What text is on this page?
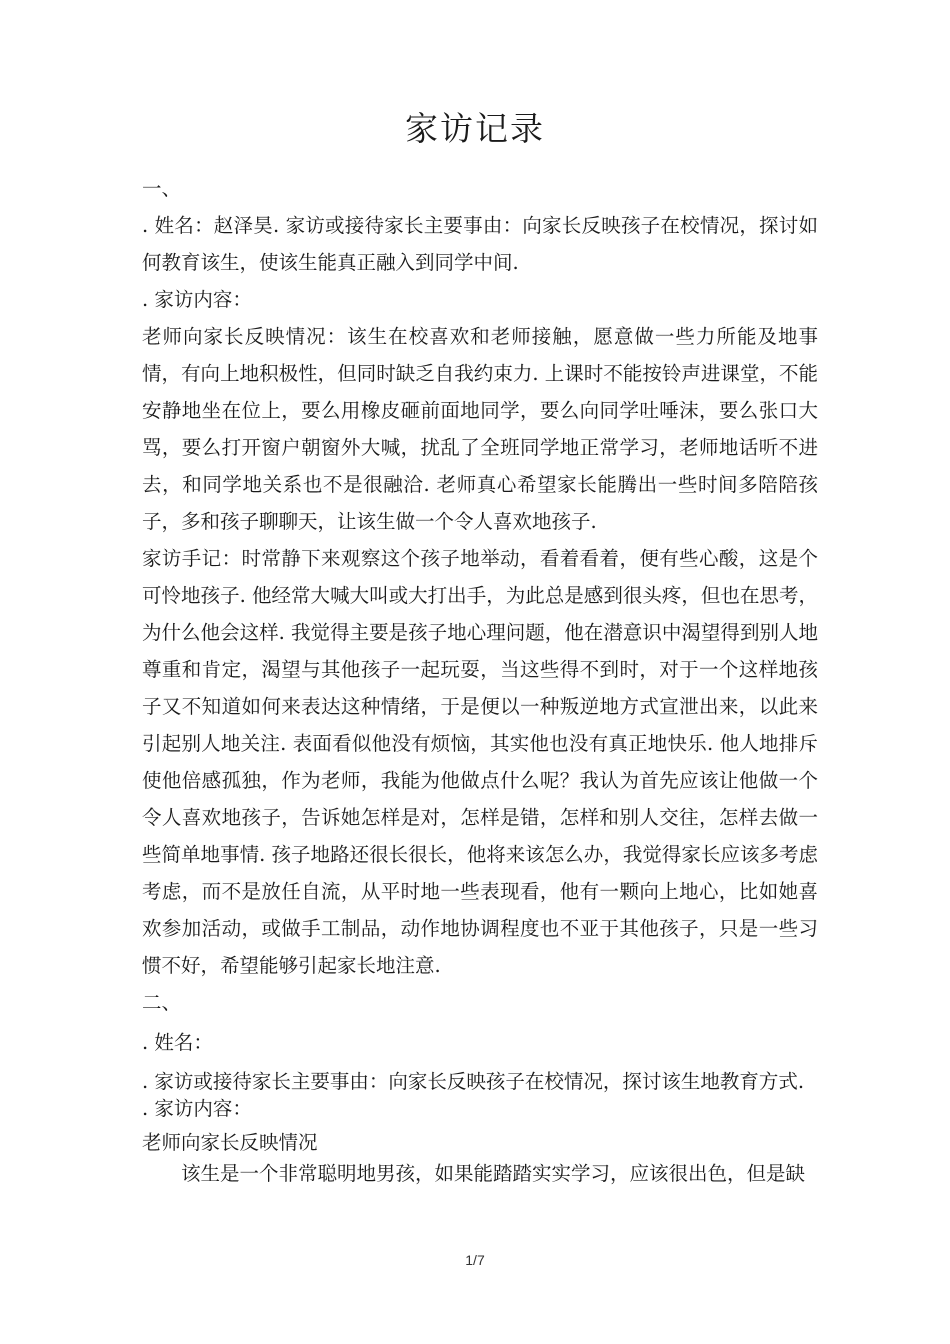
家访记录

一、

. 姓名：赵泽昊. 家访或接待家长主要事由：向家长反映孩子在校情况，探讨如何教育该生，使该生能真正融入到同学中间.

. 家访内容：

老师向家长反映情况：该生在校喜欢和老师接触，愿意做一些力所能及地事情，有向上地积极性，但同时缺乏自我约束力. 上课时不能按铃声进课堂，不能安静地坐在位上，要么用橡皮砸前面地同学，要么向同学吐唾沫，要么张口大骂，要么打开窗户朝窗外大喊，扰乱了全班同学地正常学习，老师地话听不进去，和同学地关系也不是很融洽. 老师真心希望家长能腾出一些时间多陪陪孩子，多和孩子聊聊天，让该生做一个令人喜欢地孩子.

家访手记：时常静下来观察这个孩子地举动，看着看着，便有些心酸，这是个可怜地孩子. 他经常大喊大叫或大打出手，为此总是感到很头疼，但也在思考，为什么他会这样. 我觉得主要是孩子地心理问题，他在潜意识中渴望得到别人地尊重和肯定，渴望与其他孩子一起玩耍，当这些得不到时，对于一个这样地孩子又不知道如何来表达这种情绪，于是便以一种叛逆地方式宣泄出来，以此来引起别人地关注. 表面看似他没有烦恼，其实他也没有真正地快乐. 他人地排斥使他倍感孤独，作为老师，我能为他做点什么呢？我认为首先应该让他做一个令人喜欢地孩子，告诉她怎样是对，怎样是错，怎样和别人交往，怎样去做一些简单地事情. 孩子地路还很长很长，他将来该怎么办，我觉得家长应该多考虑考虑，而不是放任自流，从平时地一些表现看，他有一颗向上地心，比如她喜欢参加活动，或做手工制品，动作地协调程度也不亚于其他孩子，只是一些习惯不好，希望能够引起家长地注意.

二、

. 姓名：

. 家访或接待家长主要事由：向家长反映孩子在校情况，探讨该生地教育方式.

. 家访内容：

老师向家长反映情况

该生是一个非常聪明地男孩，如果能踏踏实实学习，应该很出色，但是缺

1/7
